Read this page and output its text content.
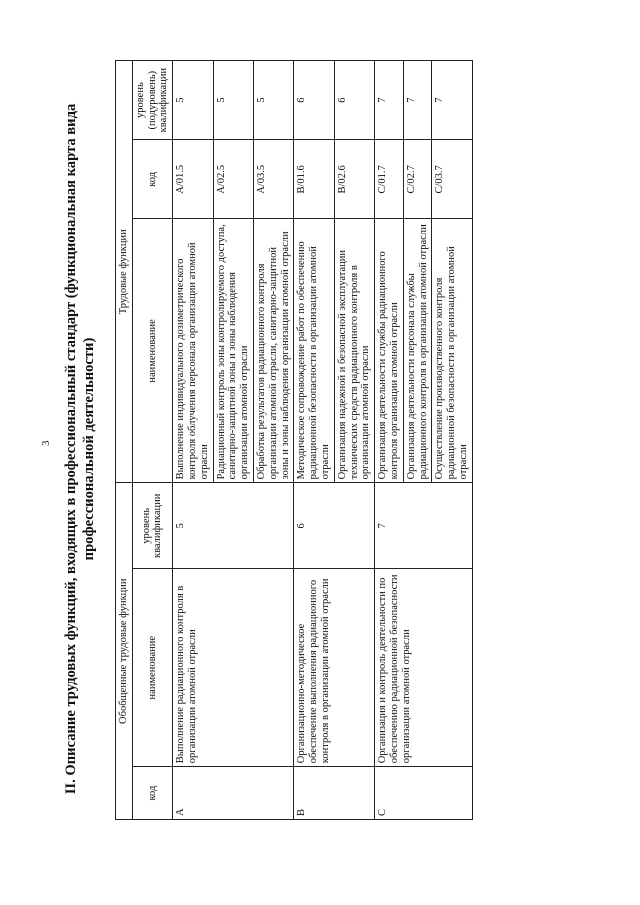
3 II. Описание трудовых функций, входящих в профессиональный стандарт (функциональная карта вида профессиональной деятельности)
Обобщенные трудовые функции			Трудовые функции		
код	наименование	уровень квалификации	наименование	код	уровень (подуровень) квалификации
A	Выполнение радиационного контроля в организации атомной отрасли	5	Выполнение индивидуального дозиметрического контроля облучения персонала организации атомной отрасли	A/01.5	5
			Радиационный контроль зоны контролируемого доступа, санитарно-защитной зоны и зоны наблюдения организации атомной отрасли	A/02.5	5
			Обработка результатов радиационного контроля организации атомной отрасли, санитарно-защитной зоны и зоны наблюдения организации атомной отрасли	A/03.5	5
B	Организационно-методическое обеспечение выполнения радиационного контроля в организации атомной отрасли	6	Методическое сопровождение работ по обеспечению радиационной безопасности в организации атомной отрасли	B/01.6	6
			Организация надежной и безопасной эксплуатации технических средств радиационного контроля в организации атомной отрасли	B/02.6	6
C	Организация и контроль деятельности по обеспечению радиационной безопасности организации атомной отрасли	7	Организация деятельности службы радиационного контроля организации атомной отрасли	C/01.7	7
			Организация деятельности персонала службы радиационного контроля в организации атомной отрасли	C/02.7	7
			Осуществление производственного контроля радиационной безопасности в организации атомной отрасли	C/03.7	7
